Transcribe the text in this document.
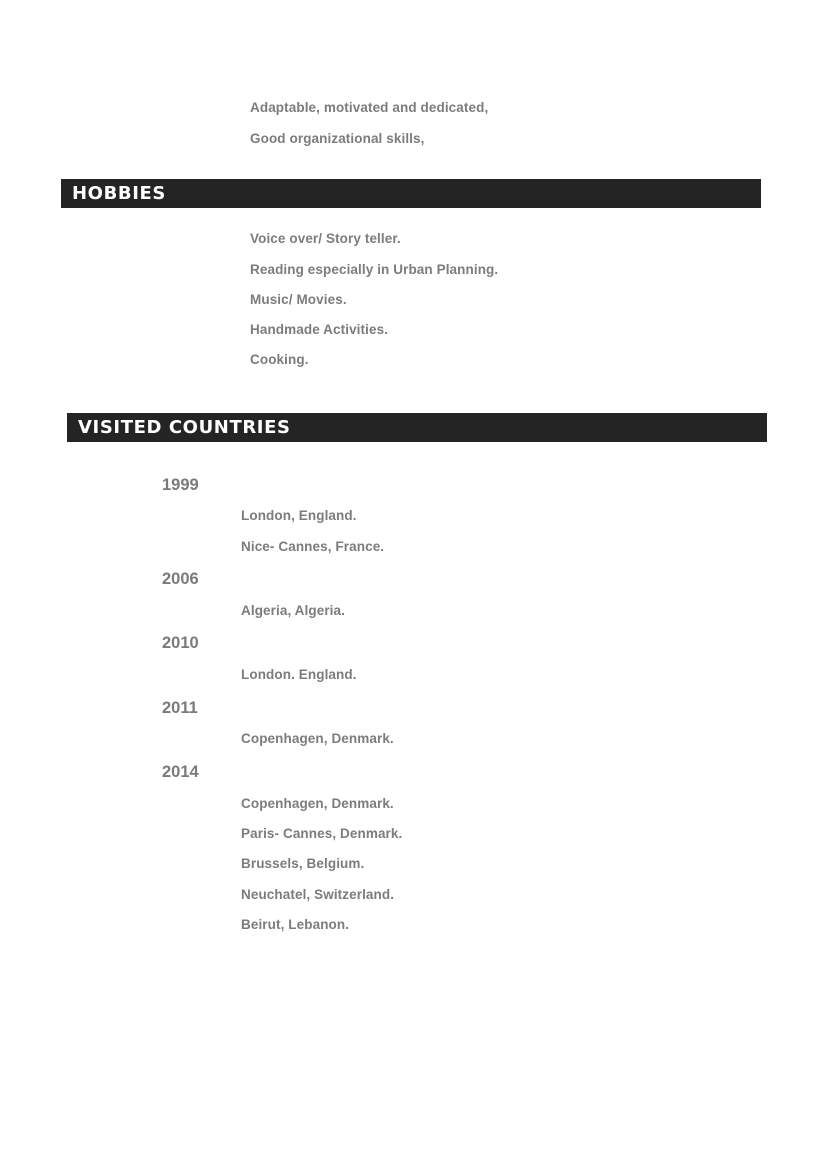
Adaptable, motivated and dedicated,
Good organizational skills,
HOBBIES
Voice over/ Story teller.
Reading especially in Urban Planning.
Music/ Movies.
Handmade Activities.
Cooking.
VISITED COUNTRIES
1999
London, England.
Nice- Cannes, France.
2006
Algeria, Algeria.
2010
London. England.
2011
Copenhagen, Denmark.
2014
Copenhagen, Denmark.
Paris- Cannes, Denmark.
Brussels, Belgium.
Neuchatel, Switzerland.
Beirut, Lebanon.
